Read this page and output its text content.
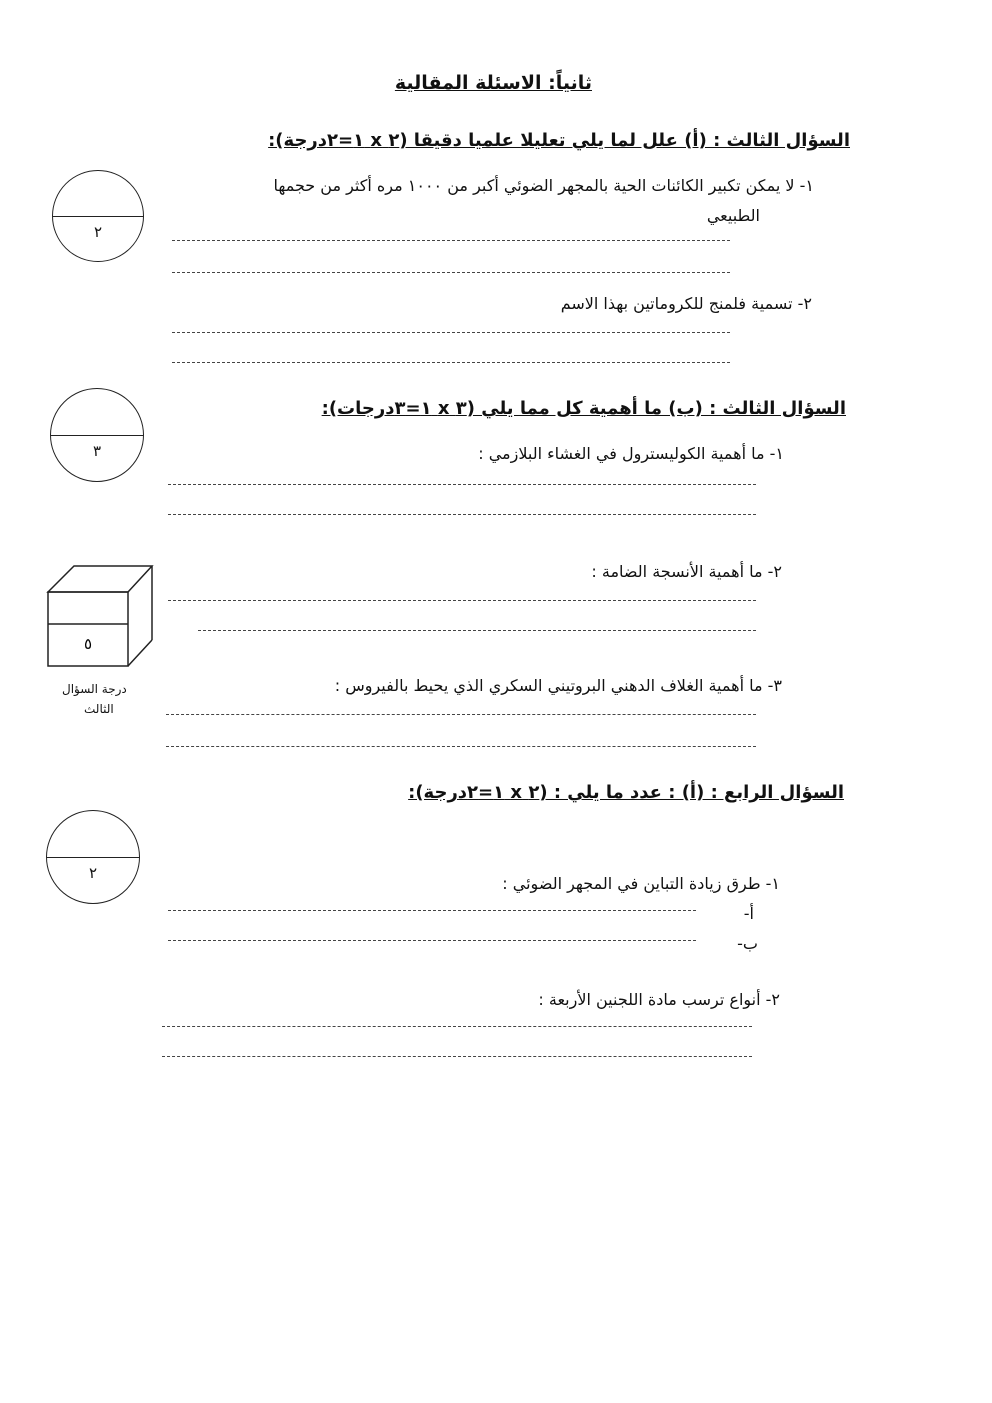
ثانياً: الاسئلة المقالية
السؤال الثالث : (أ) علل لما يلي تعليلا علميا دقيقا (٢ x ١=٢درجة):
٢
١- لا يمكن تكبير الكائنات الحية بالمجهر الضوئي أكبر من ١٠٠٠ مره أكثر من حجمها
الطبيعي
٢- تسمية فلمنج للكروماتين بهذا الاسم
٣
السؤال الثالث : (ب) ما أهمية كل مما يلي (٣ x ١=٣درجات):
١- ما أهمية الكوليسترول في الغشاء البلازمي :
٥
درجة السؤال
الثالث
٢- ما أهمية الأنسجة الضامة :
٣- ما أهمية الغلاف الدهني البروتيني السكري الذي يحيط بالفيروس :
السؤال الرابع : (أ) : عدد ما يلي : (٢ x ١=٢درجة):
٢
١- طرق زيادة التباين في المجهر الضوئي :
أ-
ب-
٢- أنواع ترسب مادة اللجنين الأربعة :
